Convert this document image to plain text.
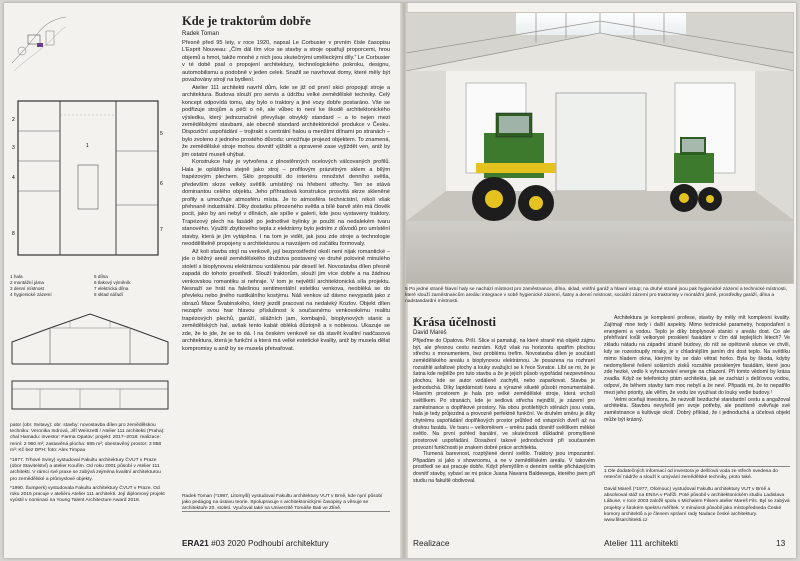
2
3
4
1
5
6
7
8
1 hala
2 montážní jáma
3 denní místnost
4 hygienické zázemí
5 dílna
6 tlakový výměník
7 elektrická dílna
8 sklad nářadí

pator (obr. Svitavy): obr. stavby: novostavba dílen pro zemědělskou techniku: Veronika Indrová, Jiří Weinzettl / Atelier 111 architekti (Praha): chal Hamadu: investor: Farma Opatov: projekt: 2017–2018: realizace: renní: 2 960 m²; zastavěná plocha: 685 m²; obestavěný prostor: 3 858 m³: Kč bez DPH: foto: Alex Timpau

*1977. Trhové Sviny) vystudoval Fakultu architektury ČVUT v Praze (obor Stavitelství) a atelier Kouřim. Od roku 2001 působí v Atelier 111 architekti. V rámci své praxe se zabývá zejména kvalitní architekturou pro zemědělské a průmyslové objekty.

*1990. Šumperk) vystudovala Fakultu architektury ČVUT v Praze. Od roku 2015 pracuje v ateliéru Atelier 111 architekti. Její diplomový projekt vyústil v nominaci na Young Talent Architecture Award 2018.

Kde je traktorům dobře
Radek Toman

Přesně před 95 lety, v roce 1920, napsal Le Corbusier v prvním čísle časopisu L’Esprit Nouveau: „Čím dál tím více se stavby a stroje opatřují proporcemi, hrou objemů a hmot, takže mnohé z nich jsou skutečnými uměleckými díly.“ Le Corbusier v té době psal o propojení architektury, technologického pokroku, designu, automobilismu a podobně v jeden celek. Snažil se navrhovat domy, které měly být považovány strojí na bydlení.

Atelier 111 architekti navrhl dům, kde se již od první skici propojují stroje a architektura. Budova slouží pro servis a údržbu velké zemědělské techniky. Celý koncept odpovídá tomu, aby bylo o traktory a jiné vozy dobře postaráno. Vše se podřizuje strojům a péči o ně, ale vůbec to není ke škodě architektonického výsledku, který jednoznačně převyšuje obvyklý standard – a to nejen mezi zemědělskými stavbami, ale obecně standard architektonické produkce v Česku. Dispoziční uspořádání – trojtrakt s centrální halou a menšími dílnami po stranách – bylo zvoleno z jednoho prostého důvodu: umožňuje projezd objektem. To znamená, že zemědělské stroje mohou dovnitř vjíždět a opravené zase vyjíždět ven, aniž by jim ostatní museli uhýbat.

Konstrukce haly je vytvořena z plnostěnných ocelových válcovaných profilů. Hala je opláštěna stejně jako stroj – profilovým prázvitným sklem a bílým trapézovým plechem. Sklo propouští do interiéru množství denního světla, především skrze velkéy světlík umístěný na hřebeni střechy. Ten se stává dominantou celého objektu. Jeho příhradová konstrukce prosvítá skrze skleněné profily a umocňuje atmosféru místa. Je to atmosféra technicistní, nikoli však přehnaně industriální. Díky dostatku přirozeného světla a bílé barvě stěn má člověk pocit, jako by ani nebyl v dílnách, ale spíše v galerii, kde jsou vystaveny traktory. Trapézový plech na fasádě po jednotlivé bylinky je použit na nedalekém tvaru stanového. Využití zbytkového tepla z elektrárny bylo jedním z důvodů pro umístění stavby, která je jím vytápěna. I na tom je vidět, jak jsou zde stroje a technologie neoddělitelně propojeny s architekturou a navzájem od začátku formovaly.

Až koli stavba stojí na venkově, její bezprostřední okolí není nijak romantické – jde o běžný areál zemědělského družstva postavený ve druhé polovině minulého století s bioplynovou elektrárnou vzdálenou pár desetí let. Novostavba dílen přesně zapadá do tohoto prostředí. Slouží traktorům, slouží jim více dobře a na žádnou venkovskou romantiku si nehraje. V tom je největší architektonická síla projektu. Nesnaží se hrát na falešnou sentimentální estetiku venkova, neobléká se do převleku nebo jiného rustikálního kostýmu. Náš venkov už dávno nevypadá jako z obrazů Maxe Švabinského, který jezdil pracovat na nedaleký Kozlov. Objekt dílen nezapře svou tvar hlavou příslušnost k současnému venkovskému realitu trapézových plechů, garáží, silážních jam, kombajnů, bioplynových stanic a zemědělských hal, avšak tento kabát obléká důstojně a s noblesou. Ukazuje se zde, že to jde, že se to dá. I na českém venkově se dá stavět kvalitní nadčasová architektura, která je funkční a která má velké estetické kvality, aniž by musela dělat kompromisy a aniž by se musela přetvařovat.

Radek Toman (*1987, Litomyšl) vystudoval Fakultu architektury VUT v Brně, kde nyní působí jako pedagog na ústavu teorie. Spolupracuje s architektonickými časopisy a věnuje se architektuře 20. století. Vyučoval také na Univerzitě Tomáše Bati ve Zlíně.

ERA21 #03 2020 Podhoubí architektury

5 Po jedné straně hlavní haly se nachází místnost pro zaměstnance, dílna, sklad, vnitřní garáž a hlavní vstup; na druhé straně jsou pak hygienické zázemí a technické místnosti, které slouží zaměstnancům areálu: integrace v sobě hygienické zázemí, šatny a denní místnost, sociální zázemí pro traktoristy v montážní jámě, prostředky garáží, dílna a nadstandardní místnosti.

Krása účelnosti
David Mareš

Přijeďme do Opatova. Prší. Slice si pamatuji, na které straně má objekt zájmu být, ale přesnou cestu neznám. Když však na horizontu spatřím plochou střechu s monumentem, bez problému trefím. Novostavba dílen je součástí zemědělského areálu s bioplynovou elektrárnou. Je posazena na rozhraní rozsáhlé asfaltové plochy a louky svažující se k řece Svratce. Líbí se mi, že je šatna kde nejblíže pro tuto stavbu a že je jejich působ vypořádat nezpevněnou plochou, kde se autor vzdáleně zachytit, nebo zaparkovat. Stavba je jednoduchá. Díky lapidárnosti tvaru a výrazné siluetě působí monumentálně. Hlavním prostorem je hala pro velké zemědělské stroje, která vrcholí světlíkem. Po stranách, kde je sedlová střecha nejnižší, je zázemí pro zaměstnance a doplňkové prostory. Na obou protilehlých stěnách jsou vrata, hala je tedy průjezdná a provozně perfektně funkční. Ve druhém směru je díky chytrému uspořádání doplňkových prostor průhled od vstupních dveří až na druhou fasádu. Ve tvaru – velkoměrem – směru padá dovnitř světlíkem měkké světlo. Na první pohled banální, ve skutečnosti důkladně promyšlené prostorové uspořádání. Dosažení takové jednoduchosti při současném provozní funkčnosti je znakem dobré práce architekta.

Tlumená barevnost, rozptýlené denní světlo. Traktory jsou impozantní. Připadám si jako v showroomu, a ne v zemědělském areálu. V takovém prostředí se asi pracuje dobře. Když přemýšlím o denním světle přicházejícím dovnitř stavby, vybaví se mi práce Juana Navarra Baldewega, kterého jsem při studiu na fakultě obdivoval.

Architektura je komplexní profese, stavby by měly mít komplexní kvality. Zajímají mne tedy i další aspekty. Mimo technické parametry, hospodaření s energiemi a vodou. Teplo je díky bioplynové stanici v areálu dost. Co ale přehřívání kvůli velkorysé prosklení fasádám v čím dál teplejších létech? Ve zkladu nátadu na západní straně budovy, do níž se opětovně slunce ve chvíli, kdy se rozestoupily mraky, je v chladnějším jarním dni dost teplo. Na světlíku mimo hladem okna, kterými by se dalo větrat horko. Byla by škoda, kdyby nedomyšlené řešení solárních zisků rozsáhle proskleným fasádám, které jsou zde hezké, vedlo k vyhrazování energie na chlazení. Při tomto vědomí by krása zvadla. Když se telefonicky ptám architekta, jak se zachází s dešťovou vodou, odpoví, že během stavby tam moc nebyli a že neví. Připadá mi, že to nepatřilo mezi jeho priority, ale věřím, že vodu lze využívat do louky vedle budovy.¹

Velmi oceňuji investora, že nezvolil bezduché standardní cestu a angažoval architekta. Stavbou nevyřešil jen svoje potřeby, ale pozitivně ovlivňuje své zaměstnance a kultivuje okolí. Dobrý příklad, že i jednoduchá a účelová objekt může být krásný.

1 Dle dodatečných informací od investora je dešťová voda ze střech svedena do retenční nádrže a slouží k umývání zemědělské techniky, proto také.

David Mareš (*1977, Olomouc) vystudoval Fakultu architektury VUT v Brně a absolvoval stáž na ENSA v Paříži. Poté působil v architektonickém studiu Ladislava Lábuse, v roce 2003 založil spolu s Michalem Filsem atelier Mareš Fils. Byl se zabývá projekty v širokém spektru měřítek. V minulosti působil jako místopředseda České komory architektů a je členem správní rady Nadace české architektury. www.filsarchitekti.cz

Realizace	Atelier 111 architekti	13
